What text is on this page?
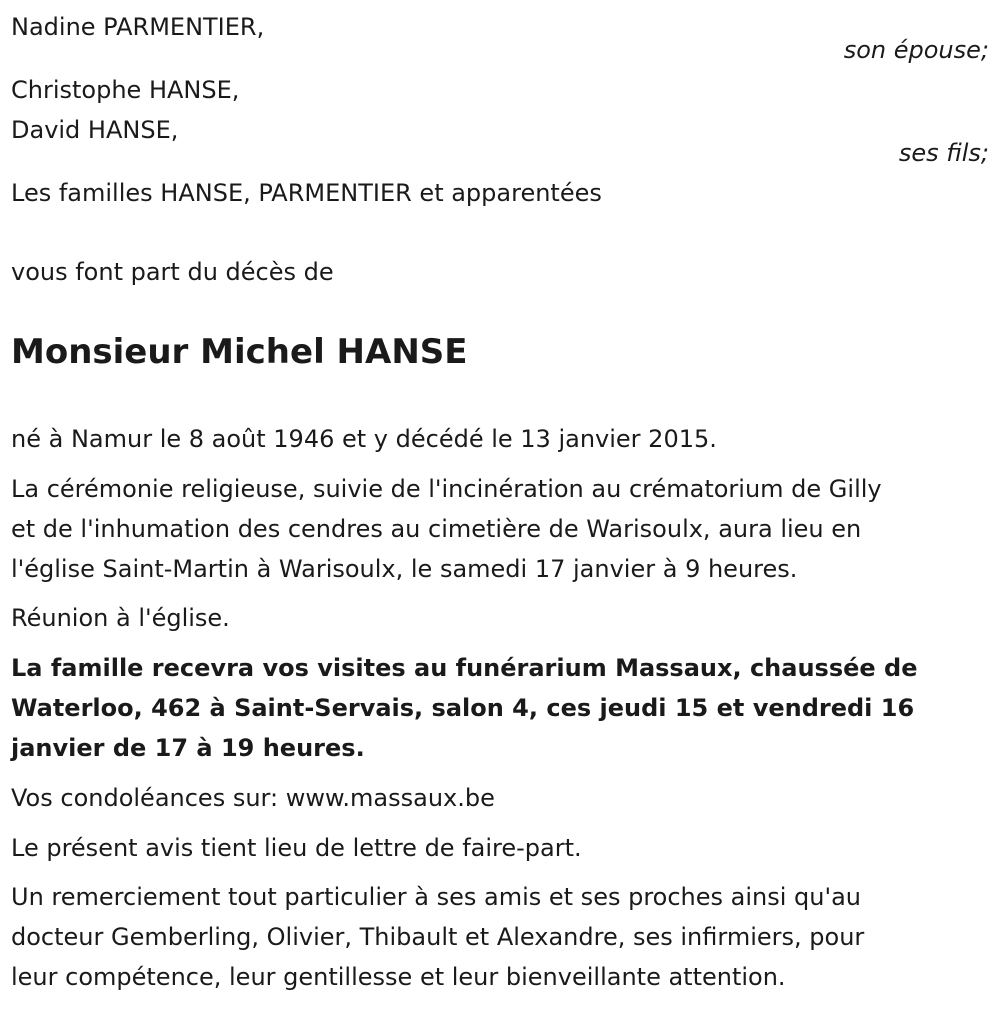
Nadine PARMENTIER,
son épouse;
Christophe HANSE,
David HANSE,
ses fils;
Les familles HANSE, PARMENTIER et apparentées
vous font part du décès de
Monsieur Michel HANSE
né à Namur le 8 août 1946 et y décédé le 13 janvier 2015.
La cérémonie religieuse, suivie de l'incinération au crématorium de Gilly
et de l'inhumation des cendres au cimetière de Warisoulx, aura lieu en
l'église Saint-Martin à Warisoulx, le samedi 17 janvier à 9 heures.
Réunion à l'église.
La famille recevra vos visites au funérarium Massaux, chaussée de
Waterloo, 462 à Saint-Servais, salon 4, ces jeudi 15 et vendredi 16
janvier de 17 à 19 heures.
Vos condoléances sur: www.massaux.be
Le présent avis tient lieu de lettre de faire-part.
Un remerciement tout particulier à ses amis et ses proches ainsi qu'au
docteur Gemberling, Olivier, Thibault et Alexandre, ses infirmiers, pour
leur compétence, leur gentillesse et leur bienveillante attention.
